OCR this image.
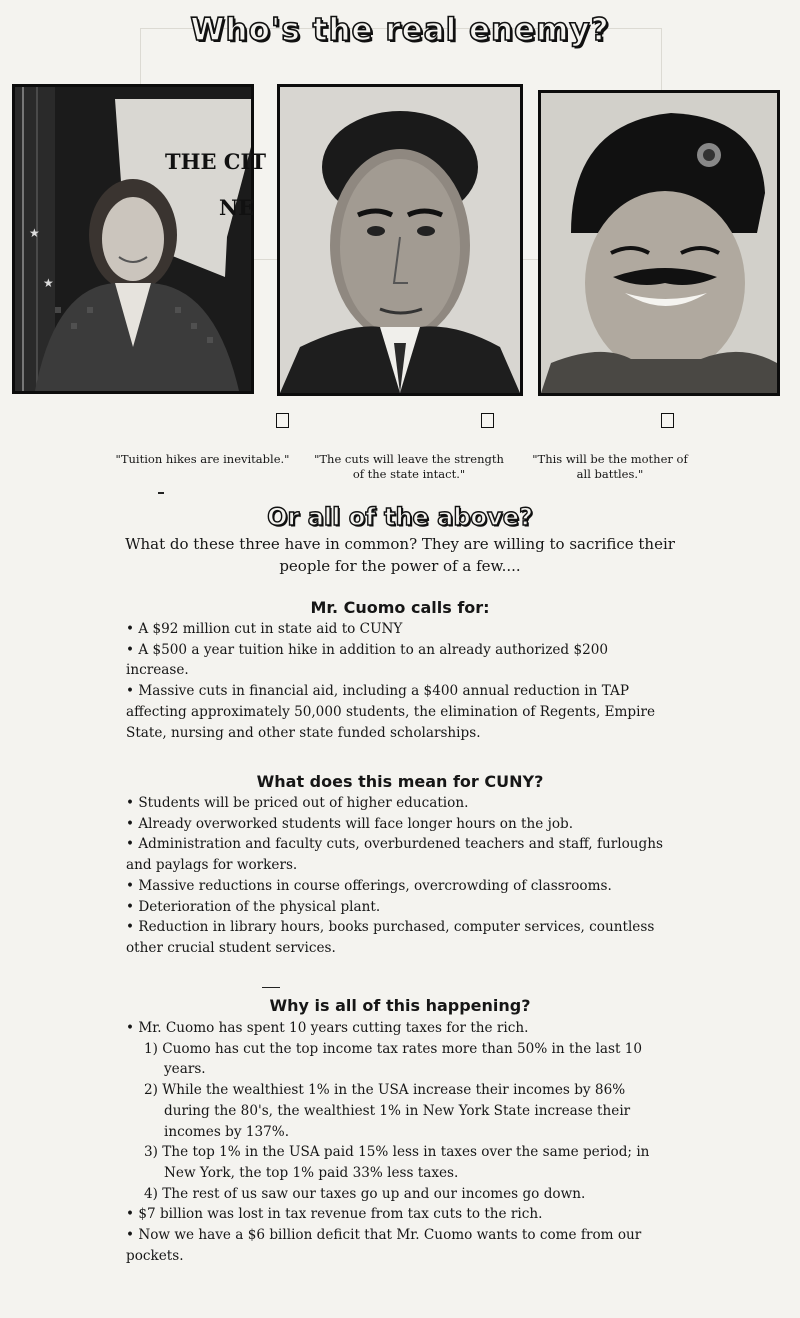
Who's the real enemy?
THE CIT
NE
★
★
"Tuition hikes are inevitable."	"The cuts will leave the strength of the state intact."
"This will be the mother of all battles."
Or all of the above?
What do these three have in common? They are willing to sacrifice their people for the power of a few....
Mr. Cuomo calls for:

• A $92 million cut in state aid to CUNY

• A $500 a year tuition hike in addition to an already authorized $200 increase.

• Massive cuts in financial aid, including a $400 annual reduction in TAP affecting approximately 50,000 students, the elimination of Regents, Empire State, nursing and other state funded scholarships.

What does this mean for CUNY?

• Students will be priced out of higher education.

• Already overworked students will face longer hours on the job.

• Administration and faculty cuts, overburdened teachers and staff, furloughs and paylags for workers.

• Massive reductions in course offerings, overcrowding of classrooms.

• Deterioration of the physical plant.

• Reduction in library hours, books purchased, computer services, countless other crucial student services.

Why is all of this happening?

• Mr. Cuomo has spent 10 years cutting taxes for the rich.

1) Cuomo has cut the top income tax rates more than 50% in the last 10 years.

2) While the wealthiest 1% in the USA increase their incomes by 86% during the 80's, the wealthiest 1% in New York State increase their incomes by 137%.

3) The top 1% in the USA paid 15% less in taxes over the same period; in New York, the top 1% paid 33% less taxes.

4) The rest of us saw our taxes go up and our incomes go down.

• $7 billion was lost in tax revenue from tax cuts to the rich.

• Now we have a $6 billion deficit that Mr. Cuomo wants to come from our pockets.
